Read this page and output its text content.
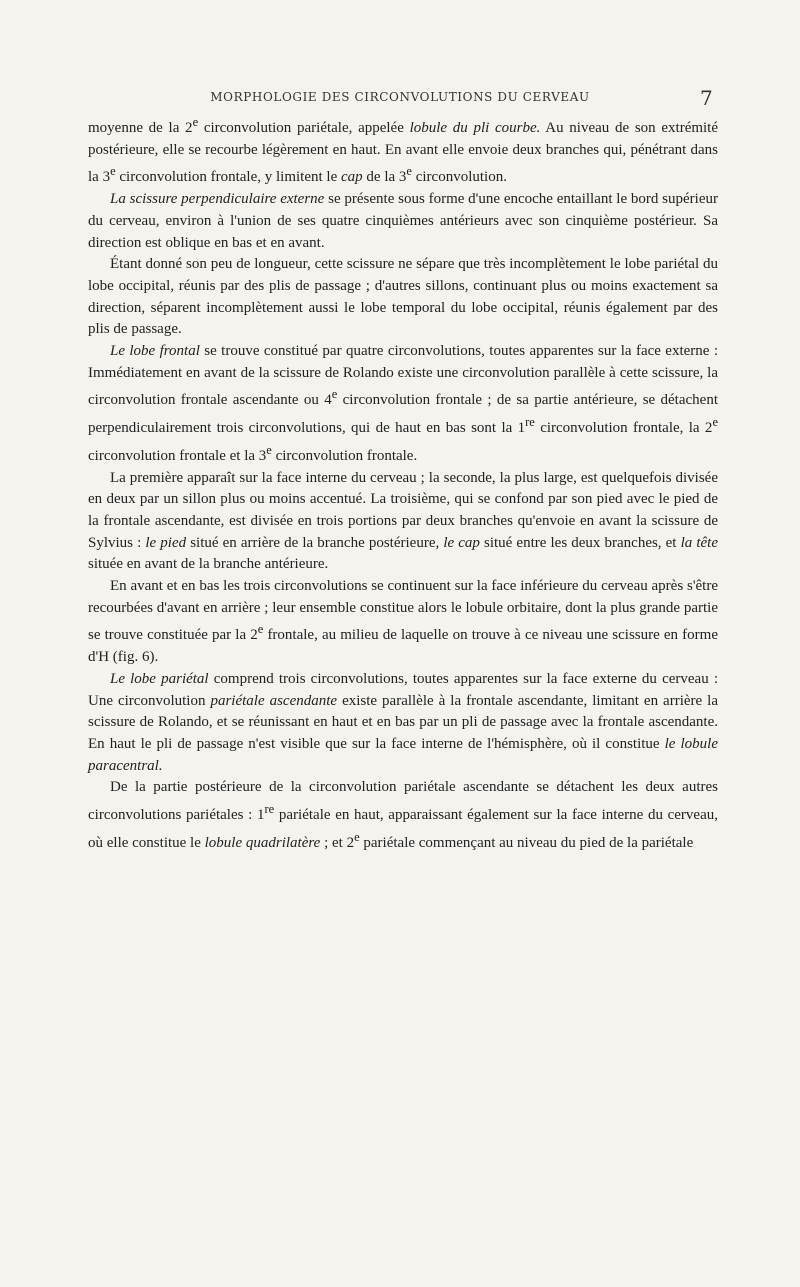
MORPHOLOGIE DES CIRCONVOLUTIONS DU CERVEAU	7

moyenne de la 2e circonvolution pariétale, appelée lobule du pli courbe. Au niveau de son extrémité postérieure, elle se recourbe légèrement en haut. En avant elle envoie deux branches qui, pénétrant dans la 3e circonvolution frontale, y limitent le cap de la 3e circonvolution.

La scissure perpendiculaire externe se présente sous forme d'une encoche entaillant le bord supérieur du cerveau, environ à l'union de ses quatre cinquièmes antérieurs avec son cinquième postérieur. Sa direction est oblique en bas et en avant.

Étant donné son peu de longueur, cette scissure ne sépare que très incomplètement le lobe pariétal du lobe occipital, réunis par des plis de passage ; d'autres sillons, continuant plus ou moins exactement sa direction, séparent incomplètement aussi le lobe temporal du lobe occipital, réunis également par des plis de passage.

Le lobe frontal se trouve constitué par quatre circonvolutions, toutes apparentes sur la face externe : Immédiatement en avant de la scissure de Rolando existe une circonvolution parallèle à cette scissure, la circonvolution frontale ascendante ou 4e circonvolution frontale ; de sa partie antérieure, se détachent perpendiculairement trois circonvolutions, qui de haut en bas sont la 1re circonvolution frontale, la 2e circonvolution frontale et la 3e circonvolution frontale.

La première apparaît sur la face interne du cerveau ; la seconde, la plus large, est quelquefois divisée en deux par un sillon plus ou moins accentué. La troisième, qui se confond par son pied avec le pied de la frontale ascendante, est divisée en trois portions par deux branches qu'envoie en avant la scissure de Sylvius : le pied situé en arrière de la branche postérieure, le cap situé entre les deux branches, et la tête située en avant de la branche antérieure.

En avant et en bas les trois circonvolutions se continuent sur la face inférieure du cerveau après s'être recourbées d'avant en arrière ; leur ensemble constitue alors le lobule orbitaire, dont la plus grande partie se trouve constituée par la 2e frontale, au milieu de laquelle on trouve à ce niveau une scissure en forme d'H (fig. 6).

Le lobe pariétal comprend trois circonvolutions, toutes apparentes sur la face externe du cerveau : Une circonvolution pariétale ascendante existe parallèle à la frontale ascendante, limitant en arrière la scissure de Rolando, et se réunissant en haut et en bas par un pli de passage avec la frontale ascendante. En haut le pli de passage n'est visible que sur la face interne de l'hémisphère, où il constitue le lobule paracentral.

De la partie postérieure de la circonvolution pariétale ascendante se détachent les deux autres circonvolutions pariétales : 1re pariétale en haut, apparaissant également sur la face interne du cerveau, où elle constitue le lobule quadrilatère ; et 2e pariétale commençant au niveau du pied de la pariétale
